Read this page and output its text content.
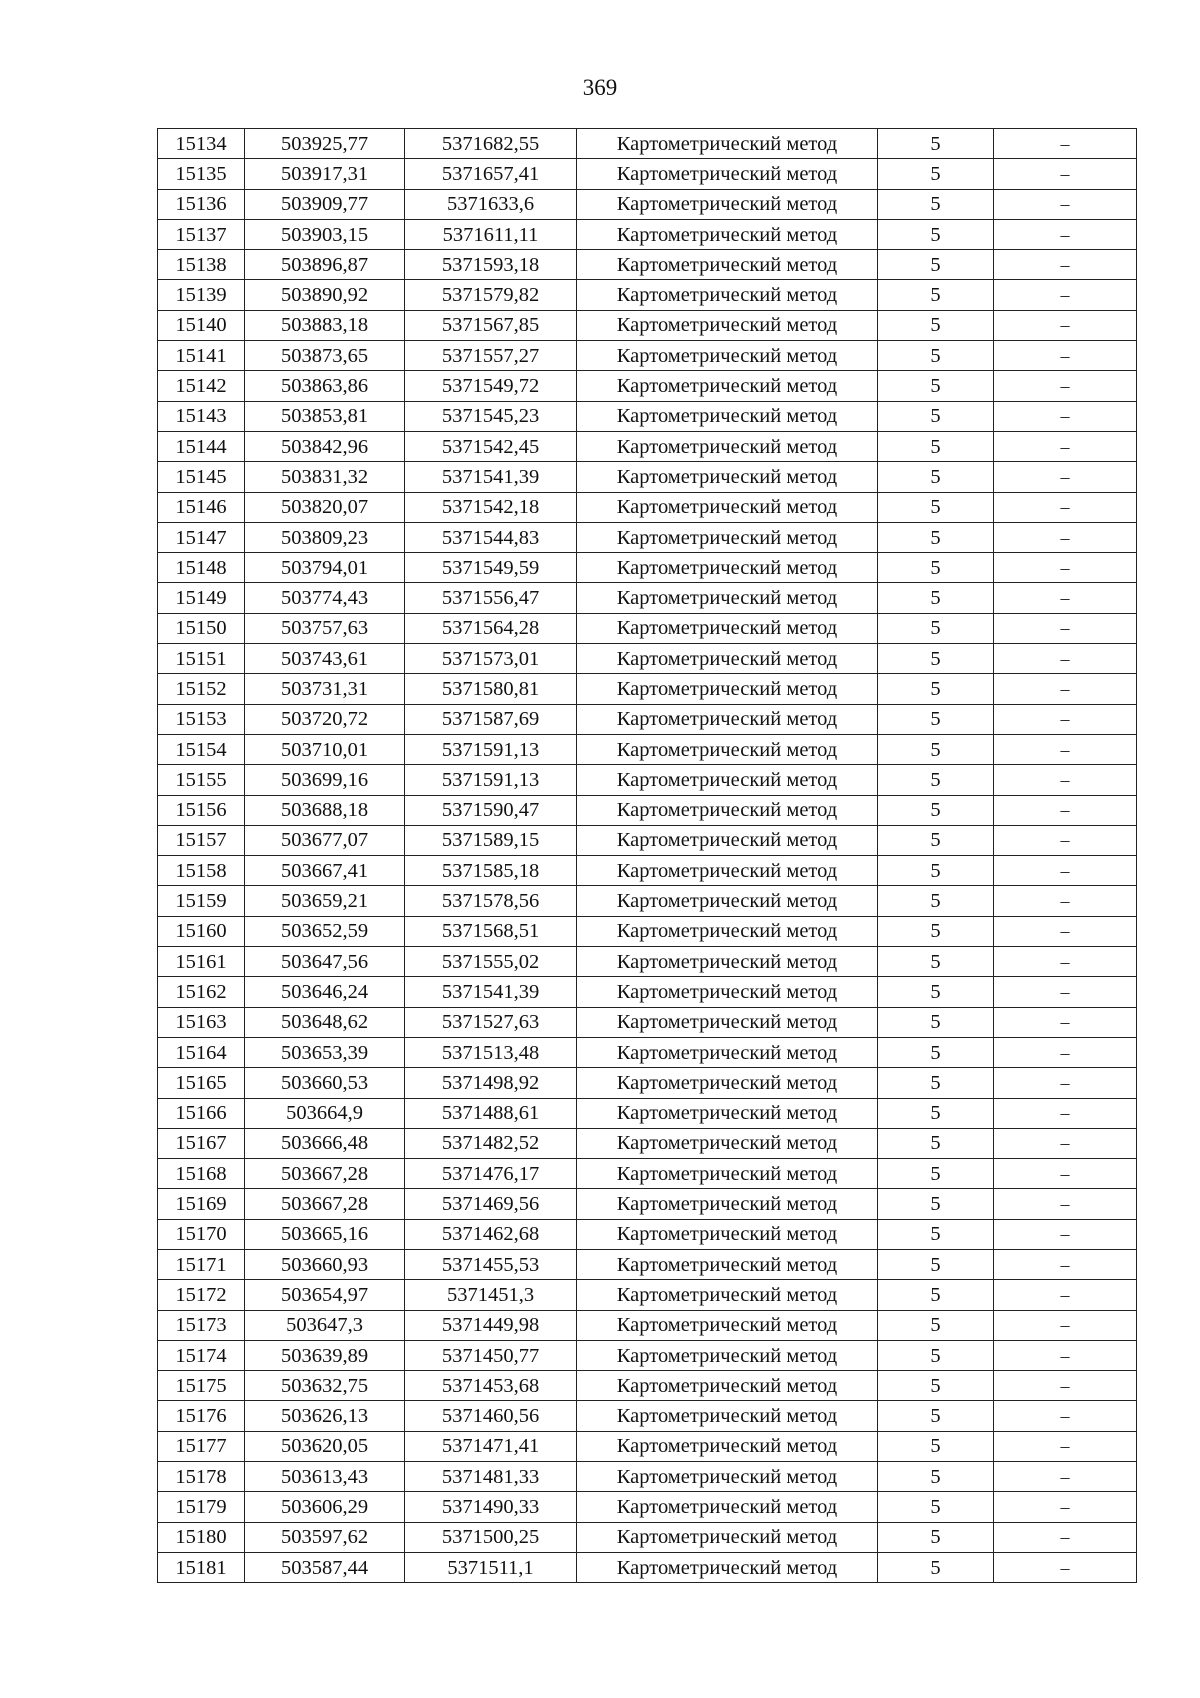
369
15134	503925,77	5371682,55	Картометрический метод	5	–
15135	503917,31	5371657,41	Картометрический метод	5	–
15136	503909,77	5371633,6	Картометрический метод	5	–
15137	503903,15	5371611,11	Картометрический метод	5	–
15138	503896,87	5371593,18	Картометрический метод	5	–
15139	503890,92	5371579,82	Картометрический метод	5	–
15140	503883,18	5371567,85	Картометрический метод	5	–
15141	503873,65	5371557,27	Картометрический метод	5	–
15142	503863,86	5371549,72	Картометрический метод	5	–
15143	503853,81	5371545,23	Картометрический метод	5	–
15144	503842,96	5371542,45	Картометрический метод	5	–
15145	503831,32	5371541,39	Картометрический метод	5	–
15146	503820,07	5371542,18	Картометрический метод	5	–
15147	503809,23	5371544,83	Картометрический метод	5	–
15148	503794,01	5371549,59	Картометрический метод	5	–
15149	503774,43	5371556,47	Картометрический метод	5	–
15150	503757,63	5371564,28	Картометрический метод	5	–
15151	503743,61	5371573,01	Картометрический метод	5	–
15152	503731,31	5371580,81	Картометрический метод	5	–
15153	503720,72	5371587,69	Картометрический метод	5	–
15154	503710,01	5371591,13	Картометрический метод	5	–
15155	503699,16	5371591,13	Картометрический метод	5	–
15156	503688,18	5371590,47	Картометрический метод	5	–
15157	503677,07	5371589,15	Картометрический метод	5	–
15158	503667,41	5371585,18	Картометрический метод	5	–
15159	503659,21	5371578,56	Картометрический метод	5	–
15160	503652,59	5371568,51	Картометрический метод	5	–
15161	503647,56	5371555,02	Картометрический метод	5	–
15162	503646,24	5371541,39	Картометрический метод	5	–
15163	503648,62	5371527,63	Картометрический метод	5	–
15164	503653,39	5371513,48	Картометрический метод	5	–
15165	503660,53	5371498,92	Картометрический метод	5	–
15166	503664,9	5371488,61	Картометрический метод	5	–
15167	503666,48	5371482,52	Картометрический метод	5	–
15168	503667,28	5371476,17	Картометрический метод	5	–
15169	503667,28	5371469,56	Картометрический метод	5	–
15170	503665,16	5371462,68	Картометрический метод	5	–
15171	503660,93	5371455,53	Картометрический метод	5	–
15172	503654,97	5371451,3	Картометрический метод	5	–
15173	503647,3	5371449,98	Картометрический метод	5	–
15174	503639,89	5371450,77	Картометрический метод	5	–
15175	503632,75	5371453,68	Картометрический метод	5	–
15176	503626,13	5371460,56	Картометрический метод	5	–
15177	503620,05	5371471,41	Картометрический метод	5	–
15178	503613,43	5371481,33	Картометрический метод	5	–
15179	503606,29	5371490,33	Картометрический метод	5	–
15180	503597,62	5371500,25	Картометрический метод	5	–
15181	503587,44	5371511,1	Картометрический метод	5	–
